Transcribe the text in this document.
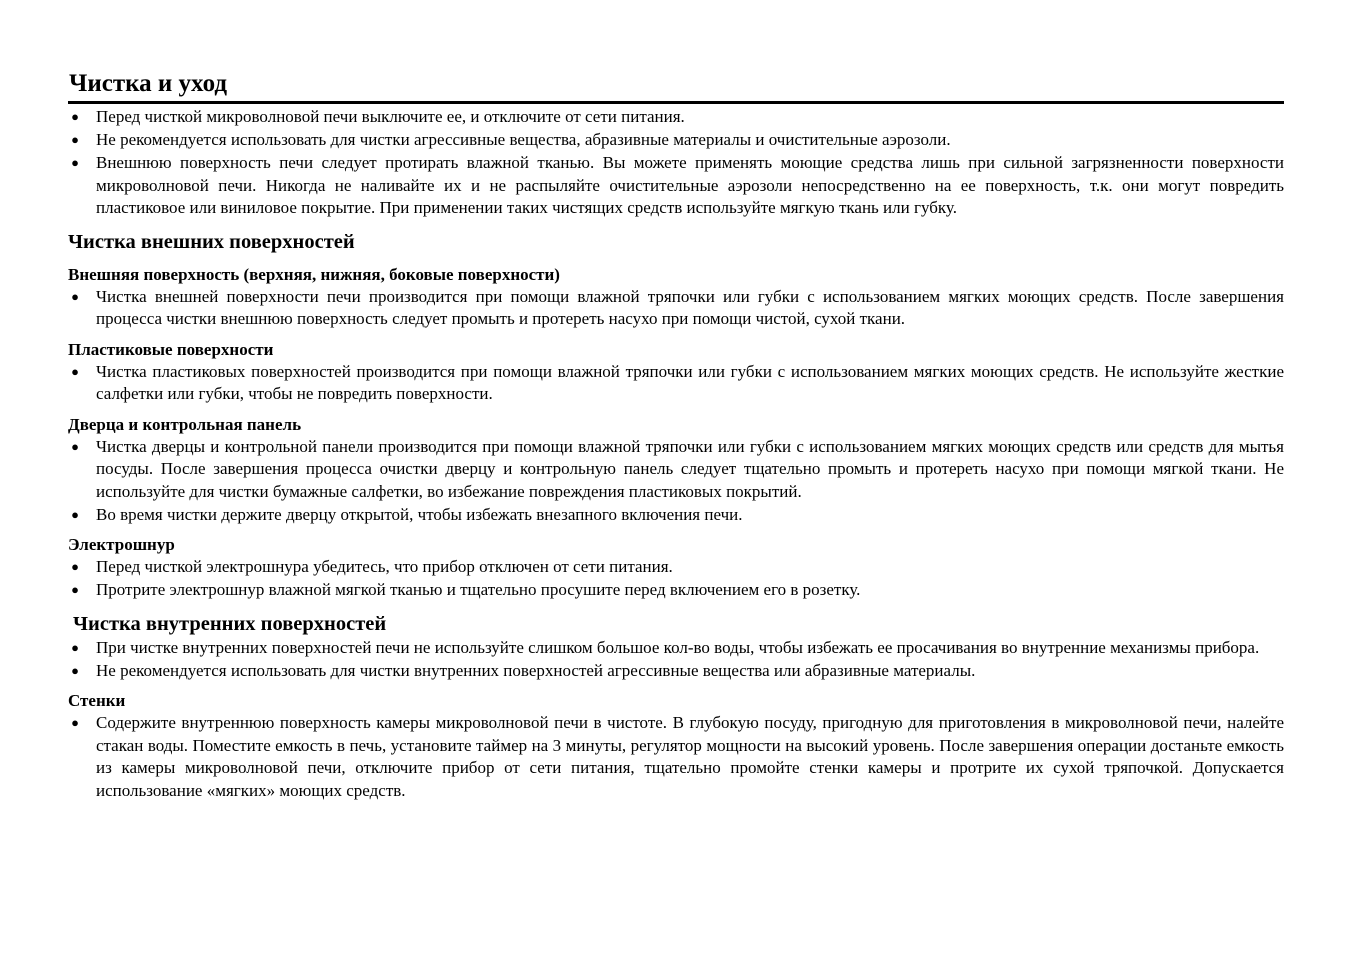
Чистка и уход
● Перед чисткой микроволновой печи выключите ее, и отключите от сети питания.
● Не рекомендуется использовать для чистки агрессивные вещества, абразивные материалы и очистительные аэрозоли.
● Внешнюю поверхность печи следует протирать влажной тканью. Вы можете применять моющие средства лишь при сильной загрязненности поверхности микроволновой печи. Никогда не наливайте их и не распыляйте очистительные аэрозоли непосредственно на ее поверхность, т.к. они могут повредить пластиковое или виниловое покрытие. При применении таких чистящих средств используйте мягкую ткань или губку.
Чистка внешних поверхностей
Внешняя поверхность (верхняя, нижняя, боковые поверхности)
● Чистка внешней поверхности печи производится при помощи влажной тряпочки или губки с использованием мягких моющих средств. После завершения процесса чистки внешнюю поверхность следует промыть и протереть насухо при помощи чистой, сухой ткани.
Пластиковые поверхности
● Чистка пластиковых поверхностей производится при помощи влажной тряпочки или губки с использованием мягких моющих средств. Не используйте жесткие салфетки или губки, чтобы не повредить поверхности.
Дверца и контрольная панель
● Чистка дверцы и контрольной панели производится при помощи влажной тряпочки или губки с использованием мягких моющих средств или средств для мытья посуды. После завершения процесса очистки дверцу и контрольную панель следует тщательно промыть и протереть насухо при помощи мягкой ткани. Не используйте для чистки бумажные салфетки, во избежание повреждения пластиковых покрытий.
● Во время чистки держите дверцу открытой, чтобы избежать внезапного включения печи.
Электрошнур
● Перед чисткой электрошнура убедитесь, что прибор отключен от сети питания.
● Протрите электрошнур влажной мягкой тканью и тщательно просушите перед включением его в розетку.
Чистка внутренних поверхностей
● При чистке внутренних поверхностей печи не используйте слишком большое кол-во воды, чтобы избежать ее просачивания во внутренние механизмы прибора.
● Не рекомендуется использовать для чистки внутренних поверхностей агрессивные вещества или абразивные материалы.
Стенки
● Содержите внутреннюю поверхность камеры микроволновой печи в чистоте. В глубокую посуду, пригодную для приготовления в микроволновой печи, налейте стакан воды. Поместите емкость в печь, установите таймер на 3 минуты, регулятор мощности на высокий уровень. После завершения операции достаньте емкость из камеры микроволновой печи, отключите прибор от сети питания, тщательно промойте стенки камеры и протрите их сухой тряпочкой. Допускается использование «мягких» моющих средств.
